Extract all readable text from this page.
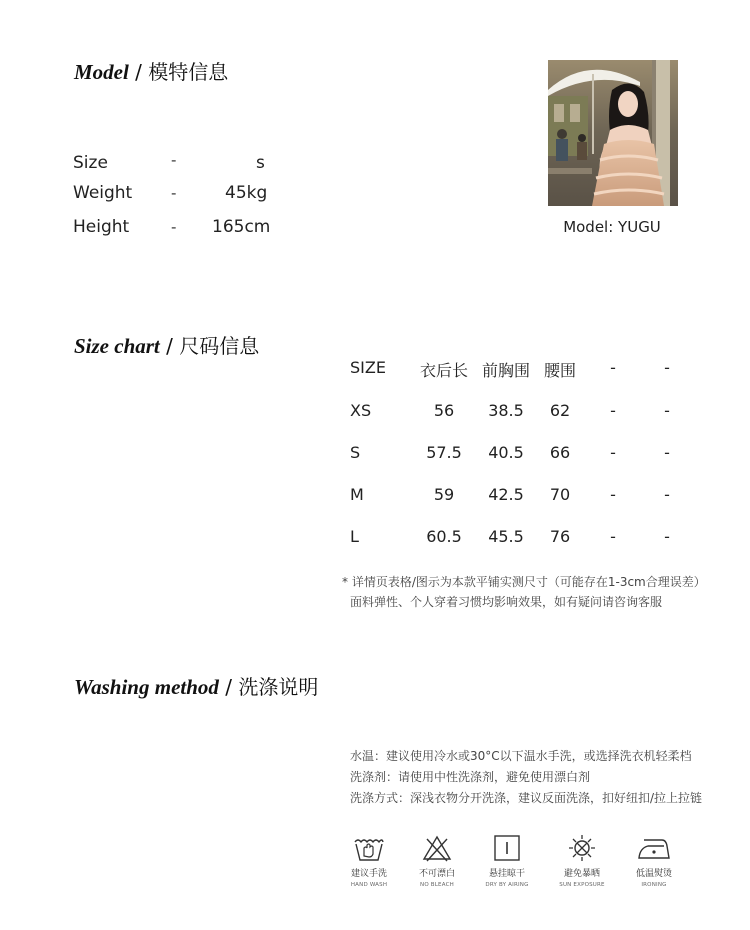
Model / 模特信息
Size	-	s
Weight	-	45kg
Height	- 165cm	Model: YUGU
Size chart / 尺码信息
SIZE 衣后长 前胸围 腰围 -	-
XS	56 38.5 62 -	-
S	57.5 40.5 66 -	-
M	59 42.5 70 -	-
L	60.5 45.5 76 -	-
* 详情页表格/图示为本款平铺实测尺寸（可能存在1-3cm合理误差）
面料弹性、个人穿着习惯均影响效果，如有疑问请咨询客服
Washing method / 洗涤说明
水温：建议使用冷水或30°C以下温水手洗，或选择洗衣机轻柔档
洗涤剂：请使用中性洗涤剂，避免使用漂白剂
洗涤方式：深浅衣物分开洗涤，建议反面洗涤，扣好纽扣/拉上拉链
建议手洗
HAND WASH
不可漂白
NO BLEACH
悬挂晾干
DRY BY AIRING
避免暴晒
SUN EXPOSURE
低温熨烫
IRONING
